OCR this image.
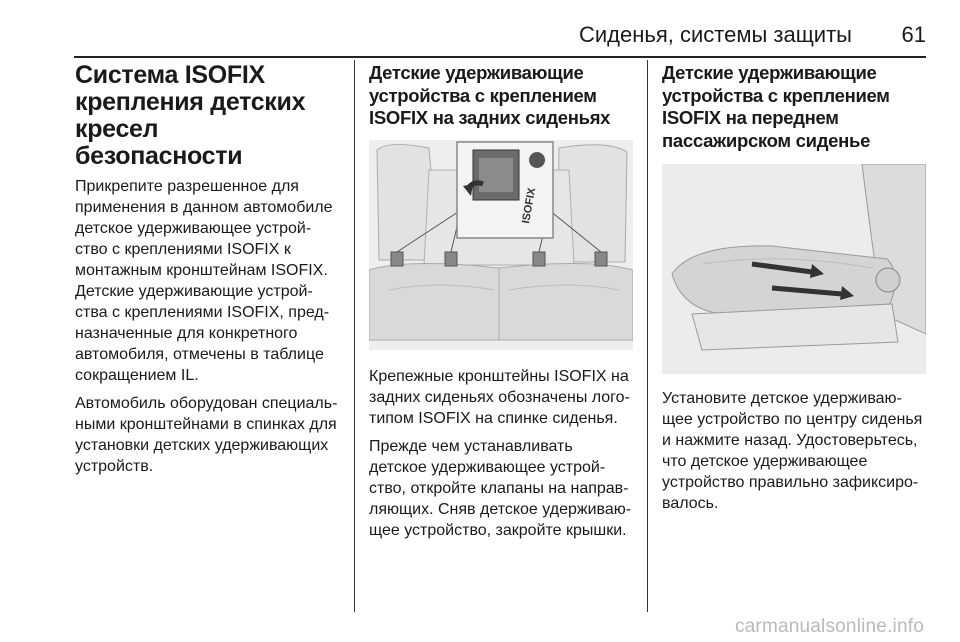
Сиденья, системы защиты 61
Система ISOFIX
крепления детских кресел
безопасности

Прикрепите разрешенное для
применения в данном автомобиле
детское удерживающее устрой-
ство с креплениями ISOFIX к
монтажным кронштейнам ISOFIX.
Детские удерживающие устрой-
ства с креплениями ISOFIX, пред-
назначенные для конкретного
автомобиля, отмечены в таблице
сокращением IL.

Автомобиль оборудован специаль-
ными кронштейнами в спинках для
установки детских удерживающих
устройств.

Детские удерживающие
устройства с креплением
ISOFIX на задних сиденьях
ISOFIX

Крепежные кронштейны ISOFIX на
задних сиденьях обозначены лого-
типом ISOFIX на спинке сиденья.

Прежде чем устанавливать
детское удерживающее устрой-
ство, откройте клапаны на направ-
ляющих. Сняв детское удерживаю-
щее устройство, закройте крышки.

Детские удерживающие
устройства с креплением
ISOFIX на переднем
пассажирском сиденье

Установите детское удерживаю-
щее устройство по центру сиденья
и нажмите назад. Удостоверьтесь,
что детское удерживающее
устройство правильно зафиксиро-
валось.

carmanualsonline.info
